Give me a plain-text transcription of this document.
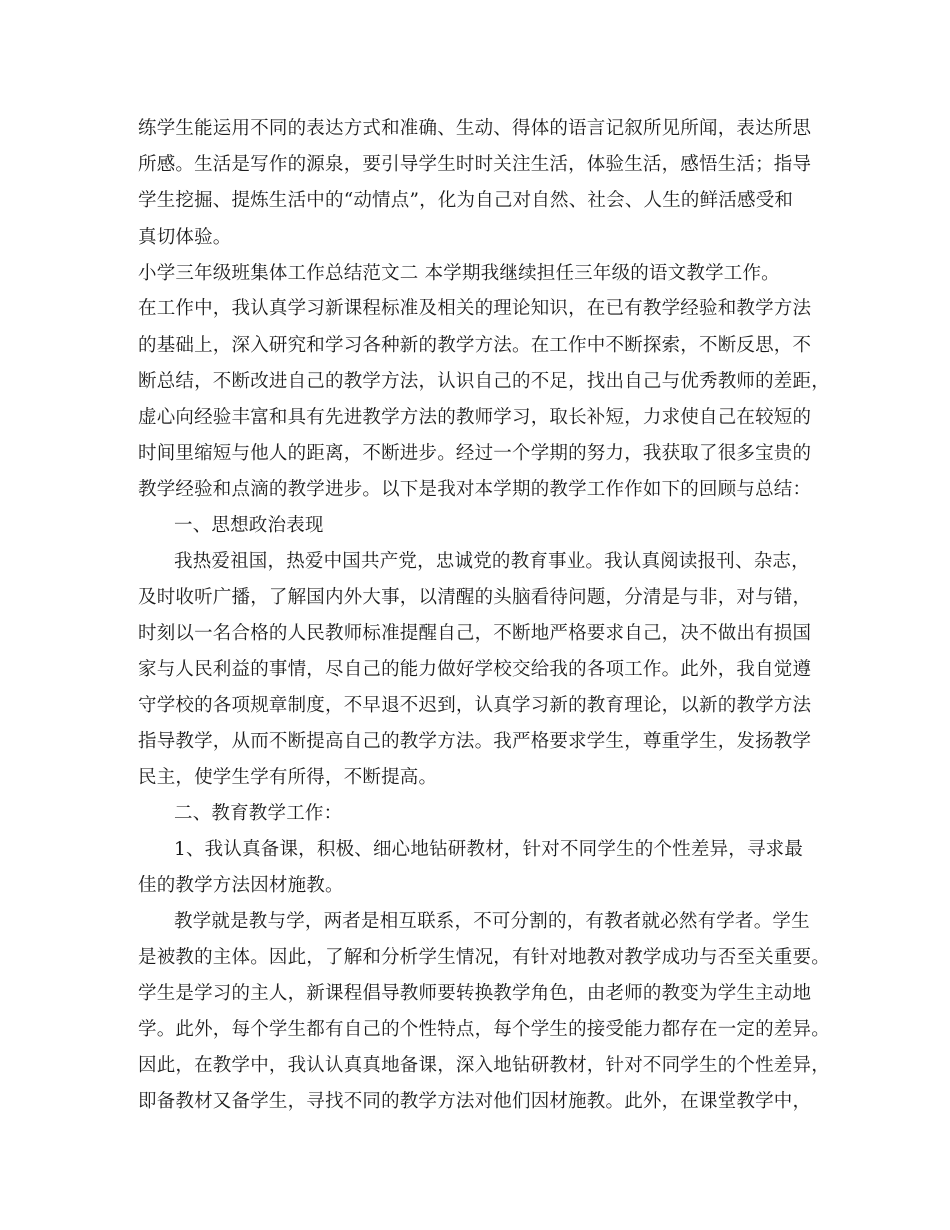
练学生能运用不同的表达方式和准确、生动、得体的语言记叙所见所闻，表达所思
所感。生活是写作的源泉，要引导学生时时关注生活，体验生活，感悟生活；指导
学生挖掘、提炼生活中的“动情点”，化为自己对自然、社会、人生的鲜活感受和
真切体验。
小学三年级班集体工作总结范文二 本学期我继续担任三年级的语文教学工作。
在工作中，我认真学习新课程标准及相关的理论知识，在已有教学经验和教学方法
的基础上，深入研究和学习各种新的教学方法。在工作中不断探索，不断反思，不
断总结，不断改进自己的教学方法，认识自己的不足，找出自己与优秀教师的差距，
虚心向经验丰富和具有先进教学方法的教师学习，取长补短，力求使自己在较短的
时间里缩短与他人的距离，不断进步。经过一个学期的努力，我获取了很多宝贵的
教学经验和点滴的教学进步。以下是我对本学期的教学工作作如下的回顾与总结：
一、思想政治表现
我热爱祖国，热爱中国共产党，忠诚党的教育事业。我认真阅读报刊、杂志，
及时收听广播，了解国内外大事，以清醒的头脑看待问题，分清是与非，对与错，
时刻以一名合格的人民教师标准提醒自己，不断地严格要求自己，决不做出有损国
家与人民利益的事情，尽自己的能力做好学校交给我的各项工作。此外，我自觉遵
守学校的各项规章制度，不早退不迟到，认真学习新的教育理论，以新的教学方法
指导教学，从而不断提高自己的教学方法。我严格要求学生，尊重学生，发扬教学
民主，使学生学有所得，不断提高。
二、教育教学工作：
1、我认真备课，积极、细心地钻研教材，针对不同学生的个性差异，寻求最
佳的教学方法因材施教。
教学就是教与学，两者是相互联系，不可分割的，有教者就必然有学者。学生
是被教的主体。因此，了解和分析学生情况，有针对地教对教学成功与否至关重要。
学生是学习的主人，新课程倡导教师要转换教学角色，由老师的教变为学生主动地
学。此外，每个学生都有自己的个性特点，每个学生的接受能力都存在一定的差异。
因此，在教学中，我认认真真地备课，深入地钻研教材，针对不同学生的个性差异，
即备教材又备学生，寻找不同的教学方法对他们因材施教。此外，在课堂教学中，
